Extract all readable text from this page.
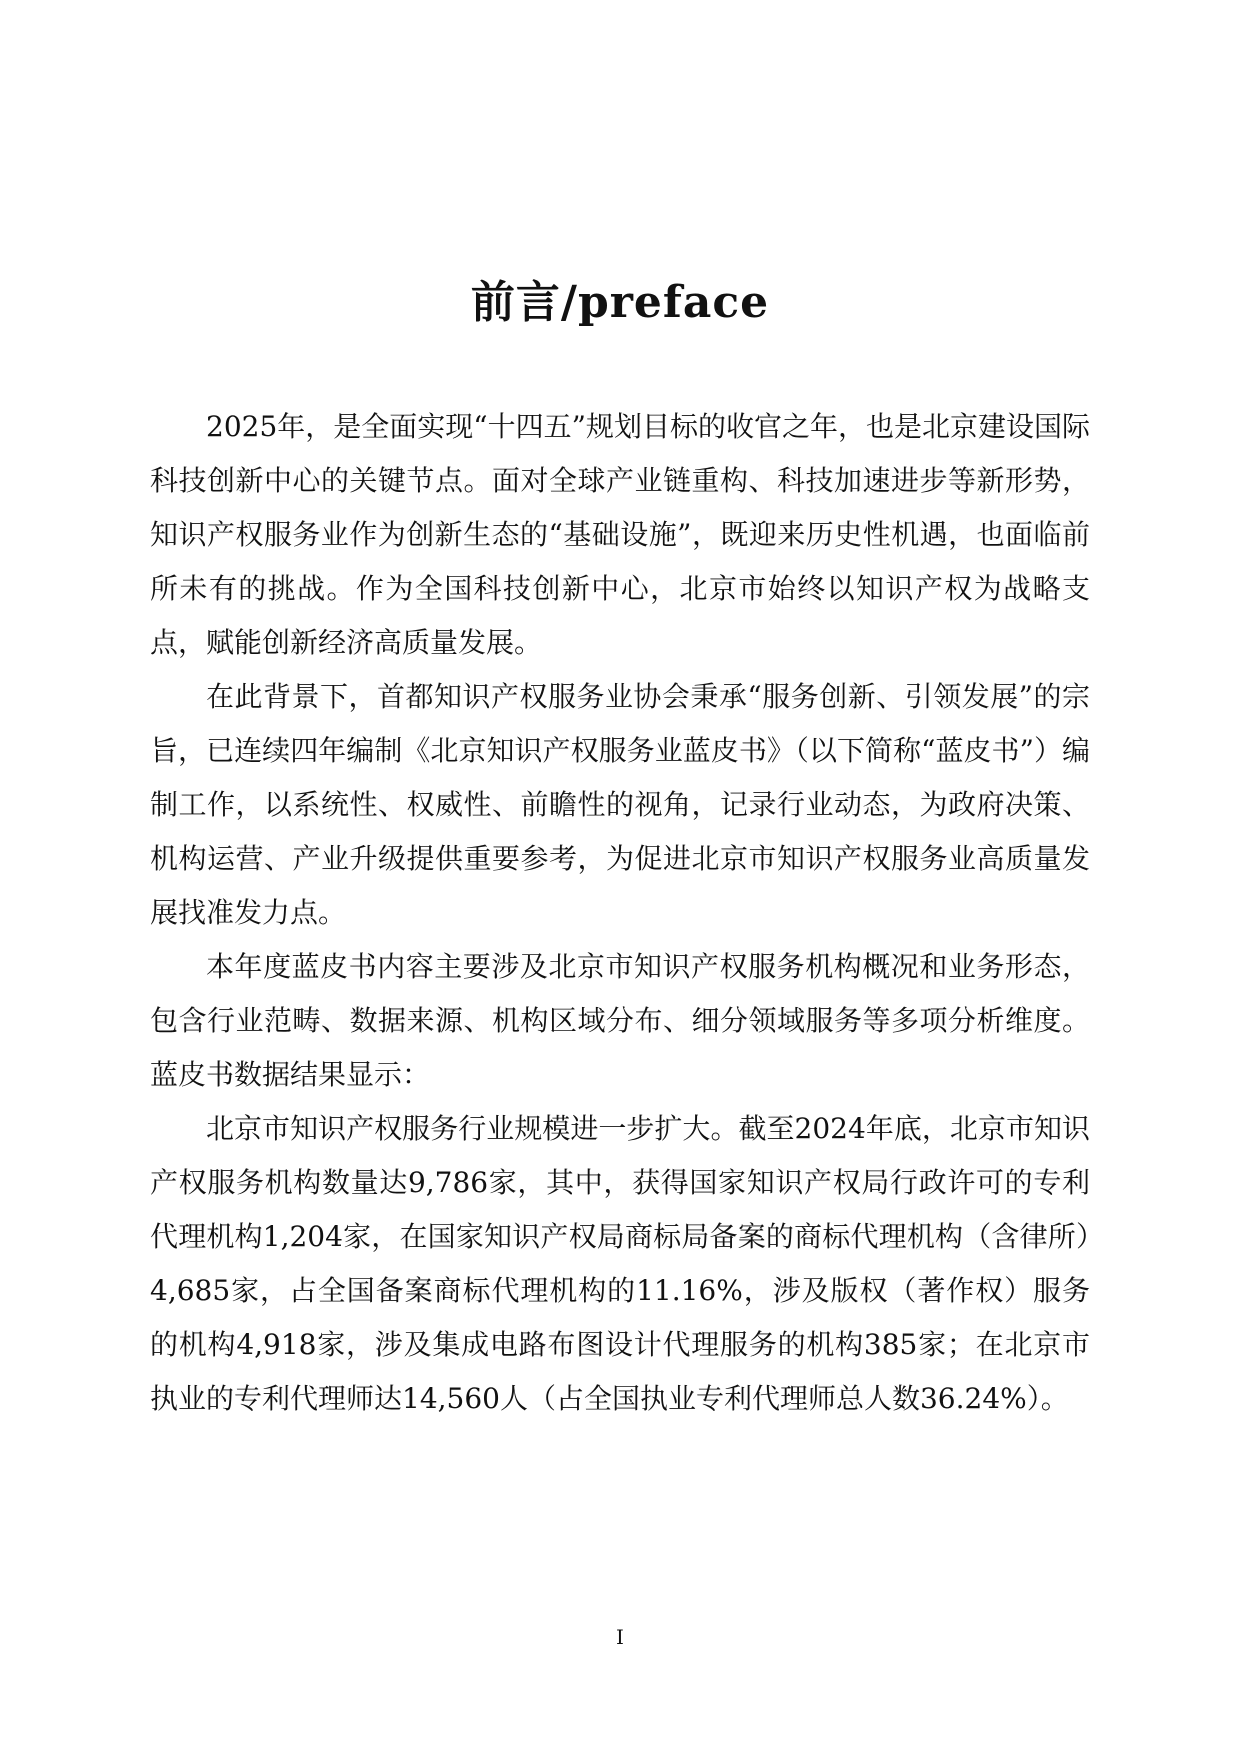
前言/preface

2025年，是全面实现“十四五”规划目标的收官之年，也是北京建设国际科技创新中心的关键节点。面对全球产业链重构、科技加速进步等新形势，知识产权服务业作为创新生态的“基础设施”，既迎来历史性机遇，也面临前所未有的挑战。作为全国科技创新中心，北京市始终以知识产权为战略支点，赋能创新经济高质量发展。

在此背景下，首都知识产权服务业协会秉承“服务创新、引领发展”的宗旨，已连续四年编制《北京知识产权服务业蓝皮书》（以下简称“蓝皮书”）编制工作，以系统性、权威性、前瞻性的视角，记录行业动态，为政府决策、机构运营、产业升级提供重要参考，为促进北京市知识产权服务业高质量发展找准发力点。

本年度蓝皮书内容主要涉及北京市知识产权服务机构概况和业务形态，包含行业范畴、数据来源、机构区域分布、细分领域服务等多项分析维度。蓝皮书数据结果显示：

北京市知识产权服务行业规模进一步扩大。截至2024年底，北京市知识产权服务机构数量达9,786家，其中，获得国家知识产权局行政许可的专利代理机构1,204家，在国家知识产权局商标局备案的商标代理机构（含律所）4,685家，占全国备案商标代理机构的11.16%，涉及版权（著作权）服务的机构4,918家，涉及集成电路布图设计代理服务的机构385家；在北京市执业的专利代理师达14,560人（占全国执业专利代理师总人数36.24%）。

I
